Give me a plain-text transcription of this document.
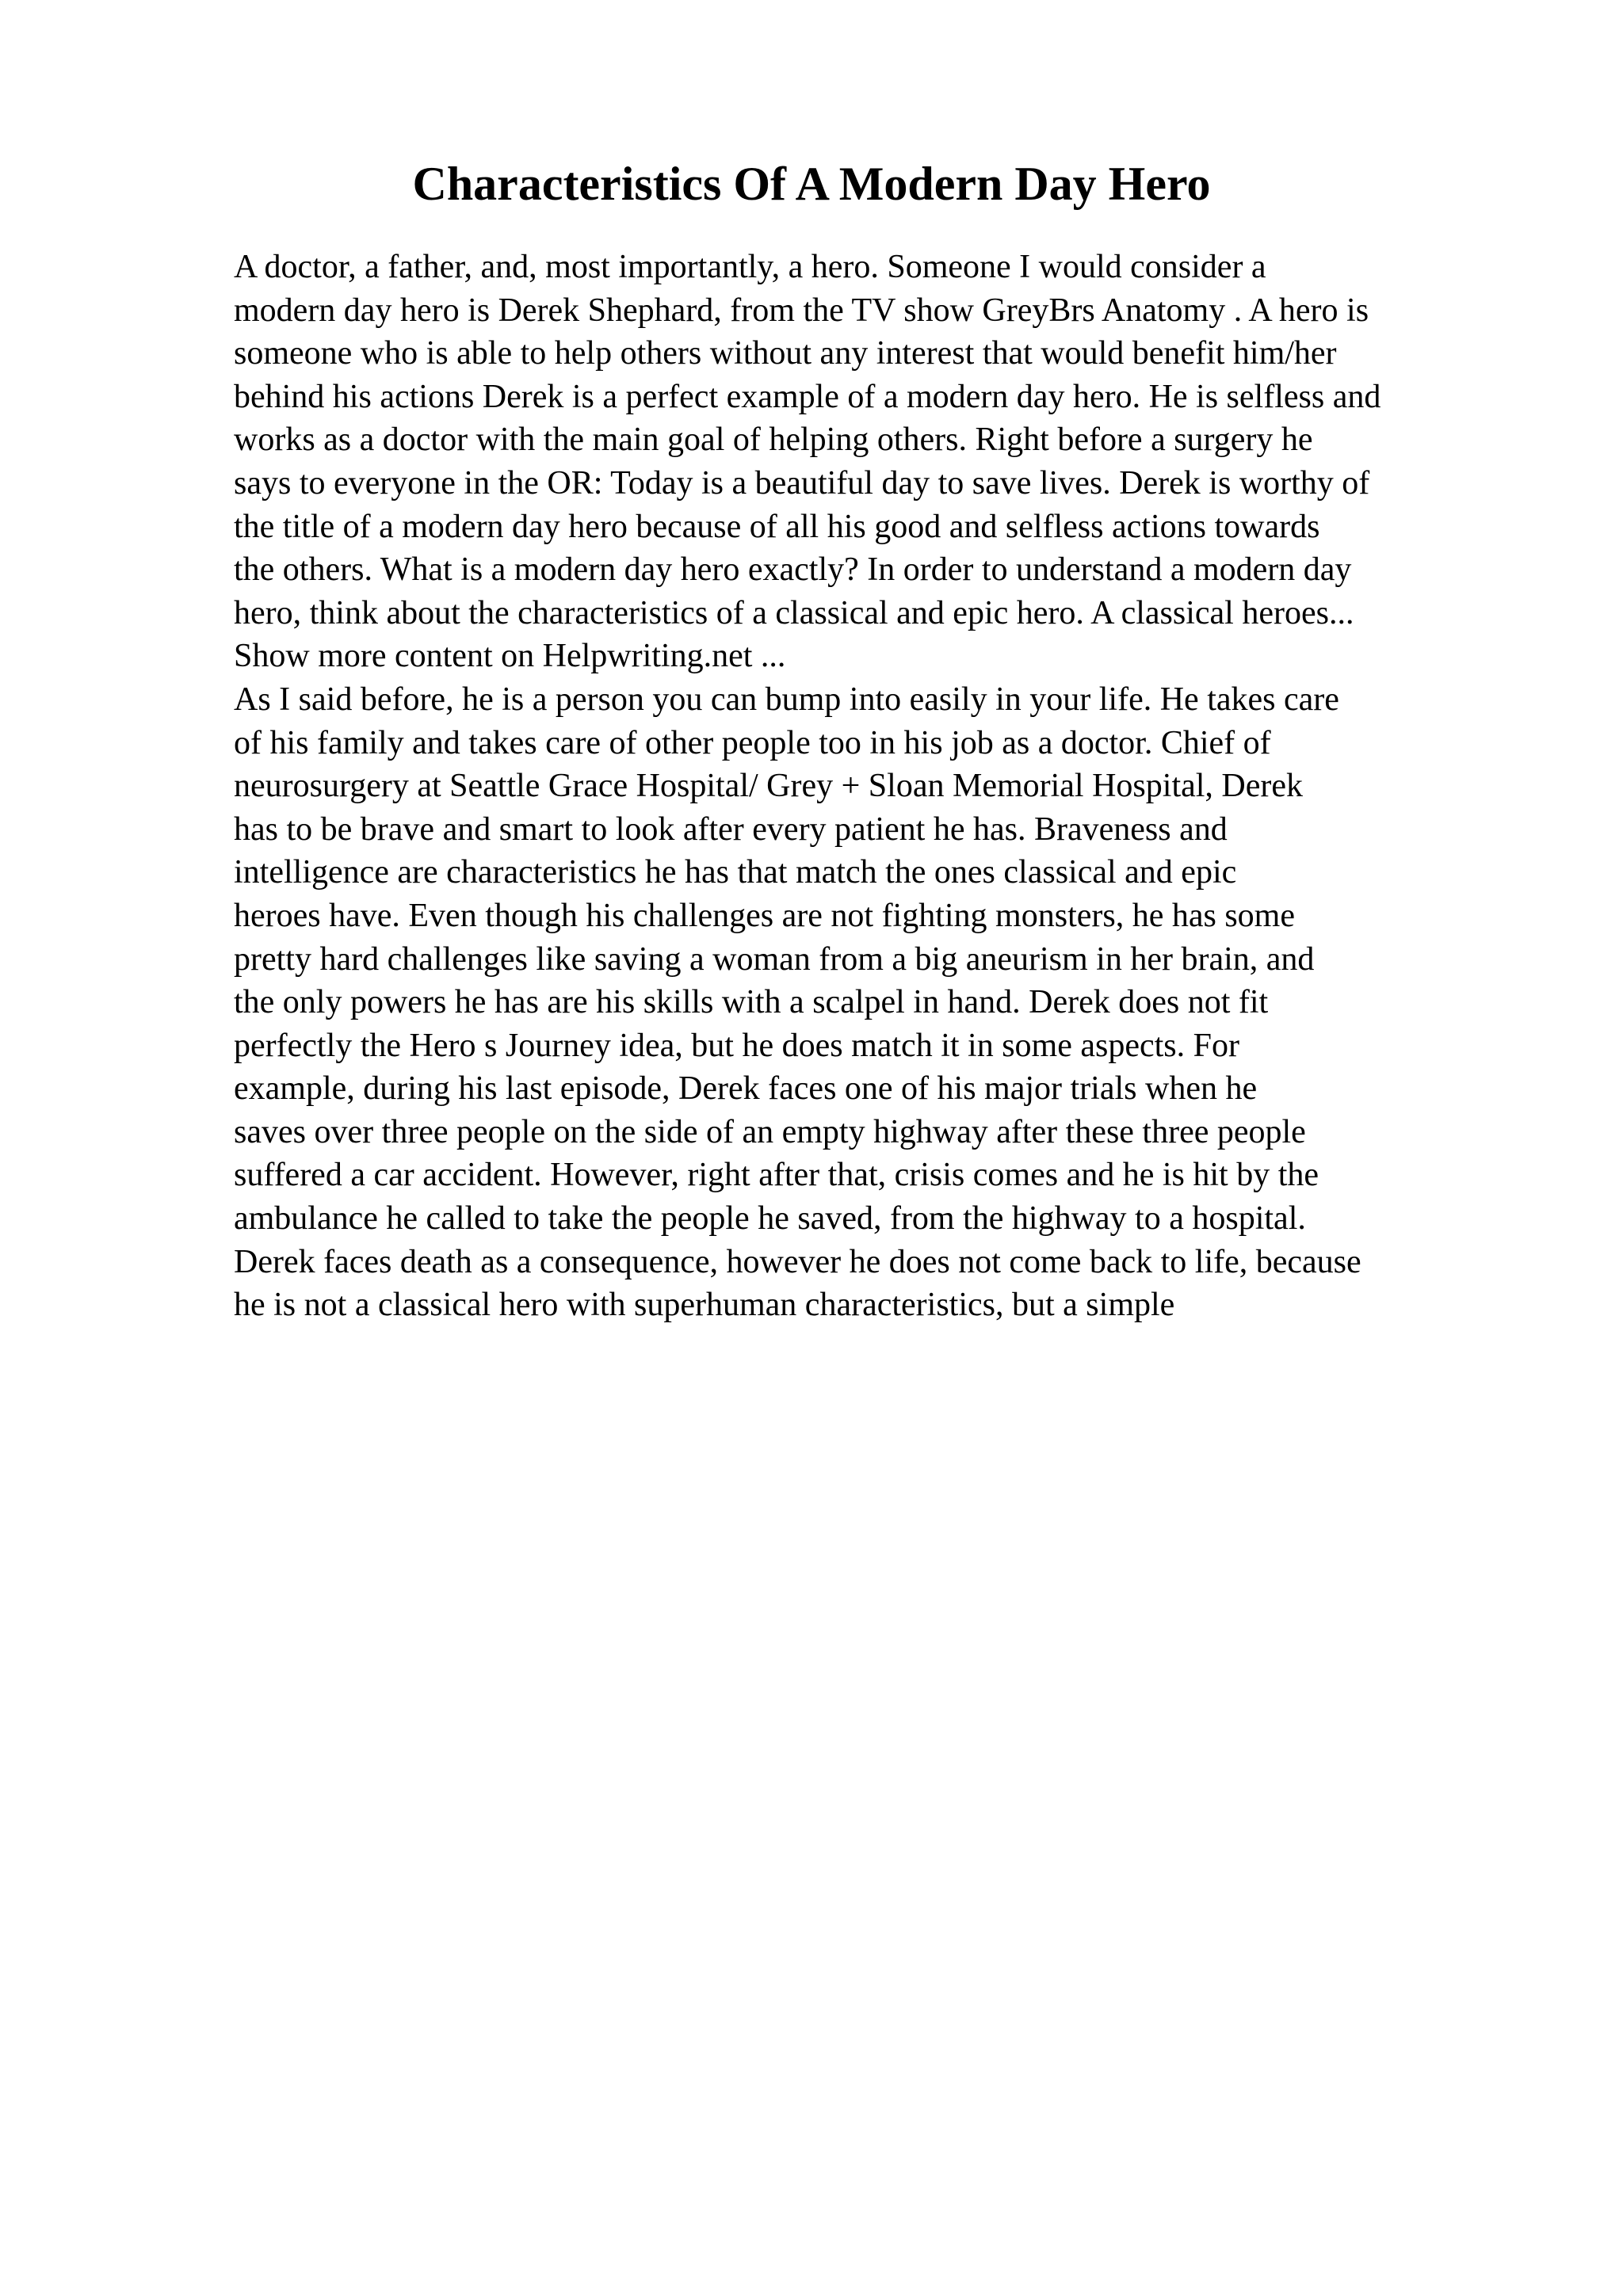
Characteristics Of A Modern Day Hero
A doctor, a father, and, most importantly, a hero. Someone I would consider a
modern day hero is Derek Shephard, from the TV show GreyBrs Anatomy . A hero is
someone who is able to help others without any interest that would benefit him/her
behind his actions Derek is a perfect example of a modern day hero. He is selfless and
works as a doctor with the main goal of helping others. Right before a surgery he
says to everyone in the OR: Today is a beautiful day to save lives. Derek is worthy of
the title of a modern day hero because of all his good and selfless actions towards
the others. What is a modern day hero exactly? In order to understand a modern day
hero, think about the characteristics of a classical and epic hero. A classical heroes...
Show more content on Helpwriting.net ...
As I said before, he is a person you can bump into easily in your life. He takes care
of his family and takes care of other people too in his job as a doctor. Chief of
neurosurgery at Seattle Grace Hospital/ Grey + Sloan Memorial Hospital, Derek
has to be brave and smart to look after every patient he has. Braveness and
intelligence are characteristics he has that match the ones classical and epic
heroes have. Even though his challenges are not fighting monsters, he has some
pretty hard challenges like saving a woman from a big aneurism in her brain, and
the only powers he has are his skills with a scalpel in hand. Derek does not fit
perfectly the Hero s Journey idea, but he does match it in some aspects. For
example, during his last episode, Derek faces one of his major trials when he
saves over three people on the side of an empty highway after these three people
suffered a car accident. However, right after that, crisis comes and he is hit by the
ambulance he called to take the people he saved, from the highway to a hospital.
Derek faces death as a consequence, however he does not come back to life, because
he is not a classical hero with superhuman characteristics, but a simple
